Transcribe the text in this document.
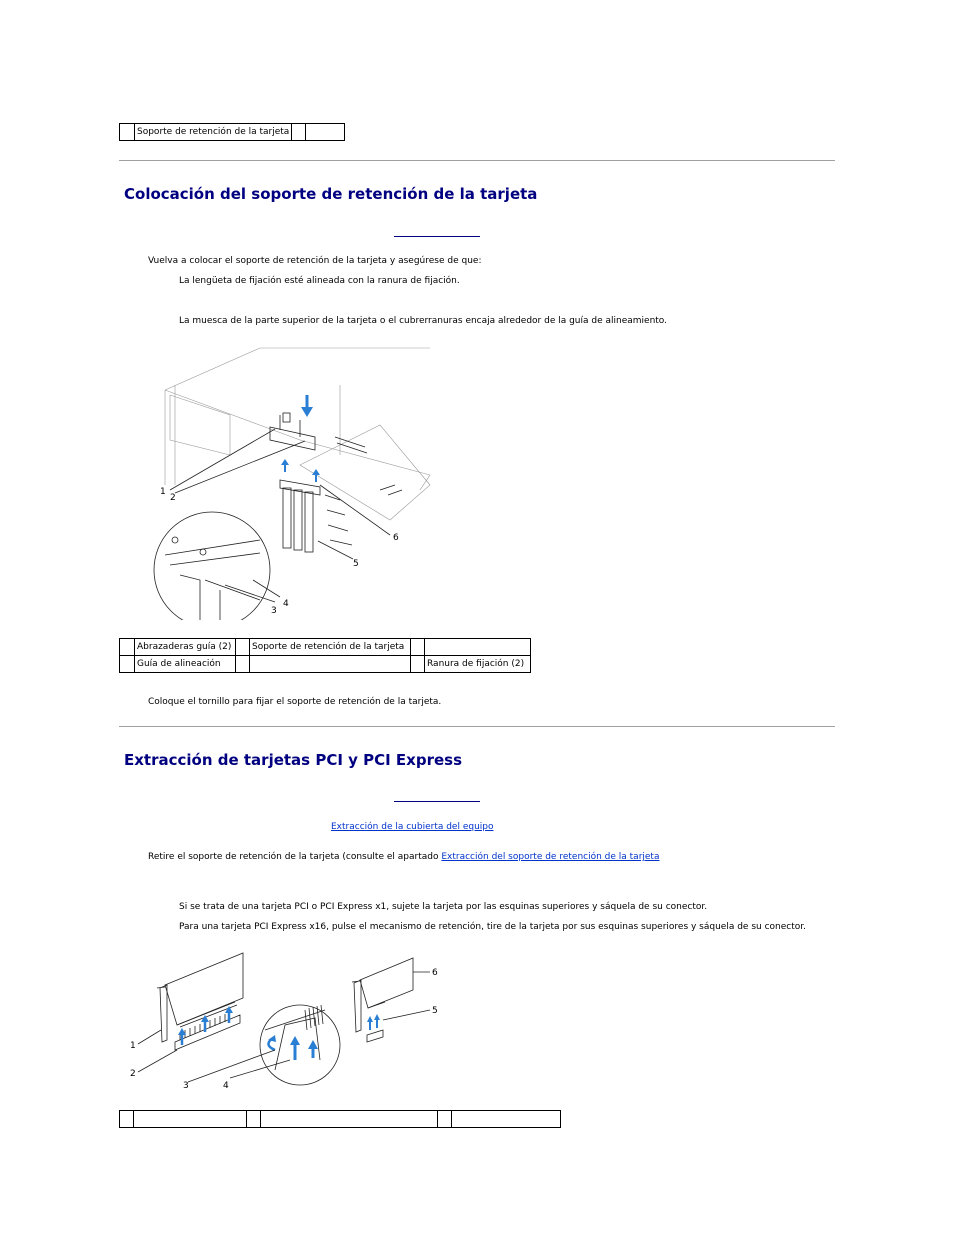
	Soporte de retención de la tarjeta		
Colocación del soporte de retención de la tarjeta

Vuelva a colocar el soporte de retención de la tarjeta y asegúrese de que:

La lengüeta de fijación esté alineada con la ranura de fijación.

La muesca de la parte superior de la tarjeta o el cubrerranuras encaja alrededor de la guía de alineamiento.

1
2
3
4
5
6
	Abrazaderas guía (2)		Soporte de retención de la tarjeta		
	Guía de alineación				Ranura de fijación (2)

Coloque el tornillo para fijar el soporte de retención de la tarjeta.

Extracción de tarjetas PCI y PCI Express

Extracción de la cubierta del equipo

Retire el soporte de retención de la tarjeta (consulte el apartado Extracción del soporte de retención de la tarjeta

Si se trata de una tarjeta PCI o PCI Express x1, sujete la tarjeta por las esquinas superiores y sáquela de su conector.

Para una tarjeta PCI Express x16, pulse el mecanismo de retención, tire de la tarjeta por sus esquinas superiores y sáquela de su conector.

1
2
3	4
5
6
